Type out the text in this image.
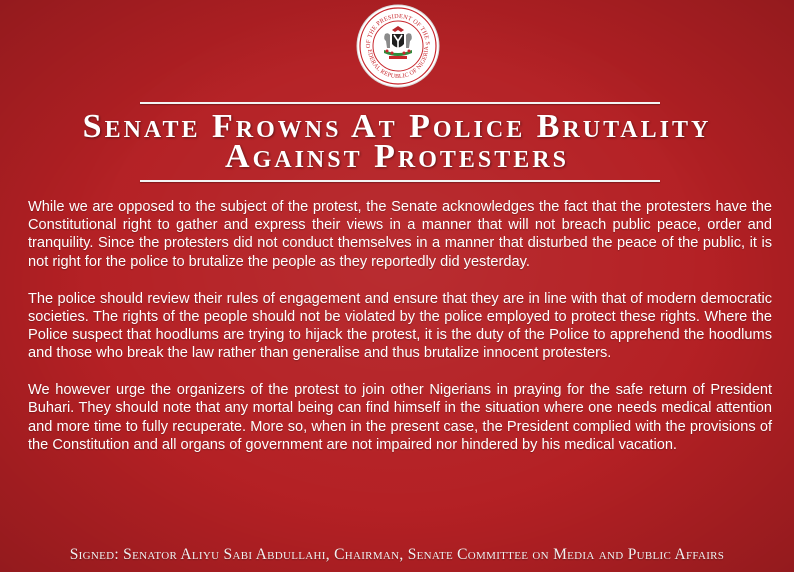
OF THE PRESIDENT OF THE S
EDERAL REPUBLIC OF NIGERIA
Senate Frowns At Police Brutality
Against Protesters

While we are opposed to the subject of the protest, the Senate acknowledges the fact that the protesters have the Constitutional right to gather and express their views in a manner that will not breach public peace, order and tranquility. Since the protesters did not conduct themselves in a manner that disturbed the peace of the public, it is not right for the police to brutalize the people as they reportedly did yesterday.

The police should review their rules of engagement and ensure that they are in line with that of modern democratic societies. The rights of the people should not be violated by the police employed to protect these rights. Where the Police suspect that hoodlums are trying to hijack the protest, it is the duty of the Police to apprehend the hoodlums and those who break the law rather than generalise and thus brutalize innocent protesters.

We however urge the organizers of the protest to join other Nigerians in praying for the safe return of President Buhari. They should note that any mortal being can find himself in the situation where one needs medical attention and more time to fully recuperate. More so, when in the present case, the President complied with the provisions of the Constitution and all organs of government are not impaired nor hindered by his medical vacation.

Signed: Senator Aliyu Sabi Abdullahi, Chairman, Senate Committee on Media and Public Affairs
